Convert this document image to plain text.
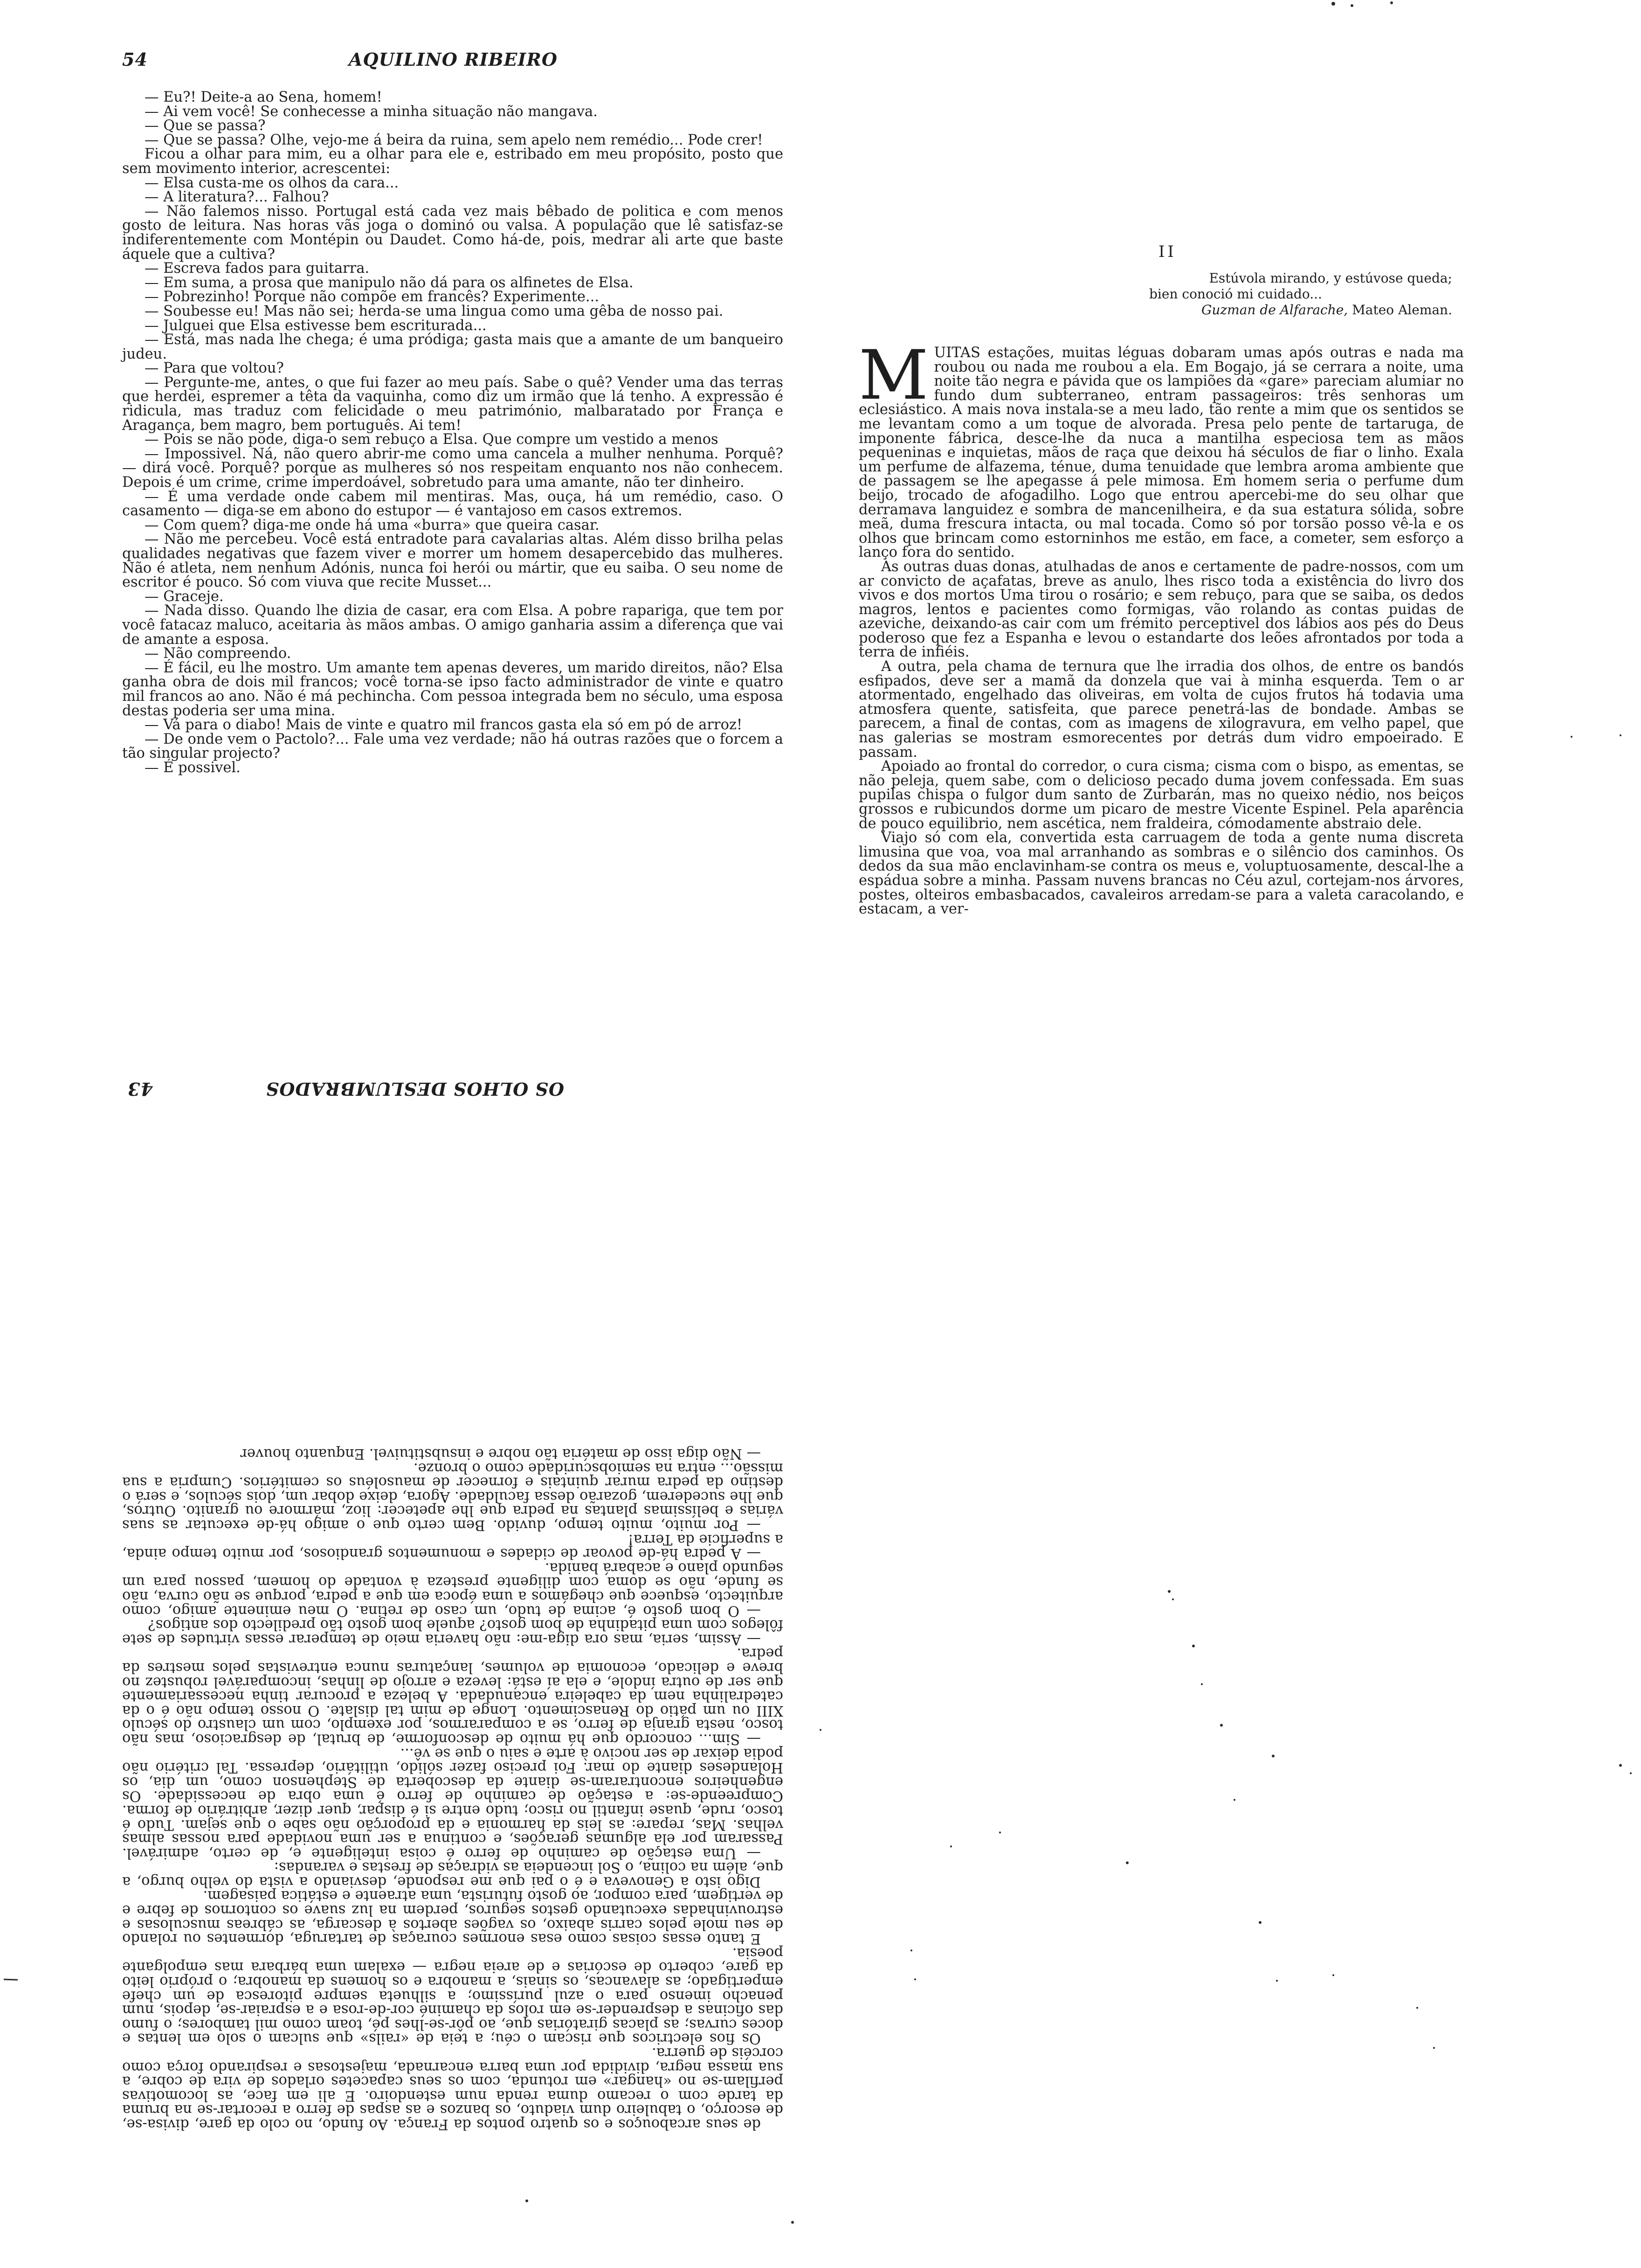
54	AQUILINO RIBEIRO

— Eu?! Deite-a ao Sena, homem!

— Ai vem você! Se conhecesse a minha situação não mangava.

— Que se passa?

— Que se passa? Olhe, vejo-me á beira da ruina, sem apelo nem remédio... Pode crer!

Ficou a olhar para mim, eu a olhar para ele e, estribado em meu propósito, posto que sem movimento interior, acrescentei:

— Elsa custa-me os olhos da cara...

— A literatura?... Falhou?

— Não falemos nisso. Portugal está cada vez mais bêbado de politica e com menos gosto de leitura. Nas horas vãs joga o dominó ou valsa. A população que lê satisfaz-se indiferentemente com Montépin ou Daudet. Como há-de, pois, medrar ali arte que baste áquele que a cultiva?

— Escreva fados para guitarra.

— Em suma, a prosa que manipulo não dá para os alfinetes de Elsa.

— Pobrezinho! Porque não compõe em francês? Experimente...

— Soubesse eu! Mas não sei; herda-se uma lingua como uma gêba de nosso pai.

— Julguei que Elsa estivesse bem escriturada...

— Está, mas nada lhe chega; é uma pródiga; gasta mais que a amante de um banqueiro judeu.

— Para que voltou?

— Pergunte-me, antes, o que fui fazer ao meu país. Sabe o quê? Vender uma das terras que herdei, espremer a têta da vaquinha, como diz um irmão que lá tenho. A expressão é ridicula, mas traduz com felicidade o meu património, malbaratado por França e Aragança, bem magro, bem português. Ai tem!

— Pois se não pode, diga-o sem rebuço a Elsa. Que compre um vestido a menos

— Impossivel. Ná, não quero abrir-me como uma cancela a mulher nenhuma. Porquê? — dirá você. Porquê? porque as mulheres só nos respeitam enquanto nos não conhecem. Depois é um crime, crime imperdoável, sobretudo para uma amante, não ter dinheiro.

— É uma verdade onde cabem mil mentiras. Mas, ouça, há um remédio, caso. O casamento — diga-se em abono do estupor — é vantajoso em casos extremos.

— Com quem? diga-me onde há uma «burra» que queira casar.

— Não me percebeu. Você está entradote para cavalarias altas. Além disso brilha pelas qualidades negativas que fazem viver e morrer um homem desapercebido das mulheres. Não é atleta, nem nenhum Adónis, nunca foi herói ou mártir, que eu saiba. O seu nome de escritor é pouco. Só com viuva que recite Musset...

— Graceje.

— Nada disso. Quando lhe dizia de casar, era com Elsa. A pobre rapariga, que tem por você fatacaz maluco, aceitaria às mãos ambas. O amigo ganharia assim a diferença que vai de amante a esposa.

— Não compreendo.

— É fácil, eu lhe mostro. Um amante tem apenas deveres, um marido direitos, não? Elsa ganha obra de dois mil francos; você torna-se ipso facto administrador de vinte e quatro mil francos ao ano. Não é má pechincha. Com pessoa integrada bem no século, uma esposa destas poderia ser uma mina.

— Vá para o diabo! Mais de vinte e quatro mil francos gasta ela só em pó de arroz!

— De onde vem o Pactolo?... Fale uma vez verdade; não há outras razões que o forcem a tão singular projecto?

— É possivel.

II
Estúvola mirando, y estúvose queda;
bien conoció mi cuidado...
Guzman de Alfarache, Mateo Aleman.
M UITAS estações, muitas léguas dobaram umas após outras e nada ma roubou ou nada me roubou a ela. Em Bogajo, já se cerrara a noite, uma noite tão negra e pávida que os lampiões da «gare» pareciam alumiar no fundo dum subterraneo, entram passageiros: três senhoras um eclesiástico. A mais nova instala-se a meu lado, tão rente a mim que os sentidos se me levantam como a um toque de alvorada. Presa pelo pente de tartaruga, de imponente fábrica, desce-lhe da nuca a mantilha especiosa tem as mãos pequeninas e inquietas, mãos de raça que deixou há séculos de fiar o linho. Exala um perfume de alfazema, ténue, duma tenuidade que lembra aroma ambiente que de passagem se lhe apegasse á pele mimosa. Em homem seria o perfume dum beijo, trocado de afogadilho. Logo que entrou apercebi-me do seu olhar que derramava languidez e sombra de mancenilheira, e da sua estatura sólida, sobre meã, duma frescura intacta, ou mal tocada. Como só por torsão posso vê-la e os olhos que brincam como estorninhos me estão, em face, a cometer, sem esforço a lanço fora do sentido.

As outras duas donas, atulhadas de anos e certamente de padre-nossos, com um ar convicto de açafatas, breve as anulo, lhes risco toda a existência do livro dos vivos e dos mortos Uma tirou o rosário; e sem rebuço, para que se saiba, os dedos magros, lentos e pacientes como formigas, vão rolando as contas puidas de azeviche, deixando-as cair com um frémito perceptivel dos lábios aos pés do Deus poderoso que fez a Espanha e levou o estandarte dos leões afrontados por toda a terra de infiéis.

A outra, pela chama de ternura que lhe irradia dos olhos, de entre os bandós esfipados, deve ser a mamã da donzela que vai à minha esquerda. Tem o ar atormentado, engelhado das oliveiras, em volta de cujos frutos há todavia uma atmosfera quente, satisfeita, que parece penetrá-las de bondade. Ambas se parecem, a final de contas, com as imagens de xilogravura, em velho papel, que nas galerias se mostram esmorecentes por detrás dum vidro empoeirado. E passam.

Apoiado ao frontal do corredor, o cura cisma; cisma com o bispo, as ementas, se não peleja, quem sabe, com o delicioso pecado duma jovem confessada. Em suas pupilas chispa o fulgor dum santo de Zurbarán, mas no queixo nédio, nos beiços grossos e rubicundos dorme um picaro de mestre Vicente Espinel. Pela aparência de pouco equilibrio, nem ascética, nem fraldeira, cómodamente abstraio dele.

Viajo só com ela, convertida esta carruagem de toda a gente numa discreta limusina que voa, voa mal arranhando as sombras e o silêncio dos caminhos. Os dedos da sua mão enclavinham-se contra os meus e, voluptuosamente, descal-lhe a espádua sobre a minha. Passam nuvens brancas no Céu azul, cortejam-nos árvores, postes, olteiros embasbacados, cavaleiros arredam-se para a valeta caracolando, e estacam, a ver-

de seus arcabouços e os quatro pontos da França. Ao fundo, no colo da gare, divisa-se, de escorço, o tabuleiro dum viaduto, os banzos e as aspas de ferro a recortar-se na bruma da tarde com o recamo duma renda num estendoiro. E ali em face, as locomotivas perfilam-se no «hangar» em rotunda, com os seus capacetes orlados de vira de cobre, a sua massa negra, dividida por uma barra encarnada, majestosas e respirando força como corcéis de guerra.

Os fios electricos que riscam o céu; a teia de «rails» que sulcam o solo em lentas e doces curvas; as placas giratórias que, ao pôr-se-lhes pé, toam como mil tambores; o fumo das oficinas a desprender-se em rolos da chaminé cor-de-rosa e a espraiar-se, depois, num penacho imenso para o azul puríssimo; a silhueta sempre pitoresca de um chefe empertigado; as alavancas, os sinais, a manobra e os homens da manobra; o próprio leito da gare, coberto de escórias e de areia negra — exalam uma bárbara mas empolgante poesia.

E tanto essas coisas como esas enormes couraças de tartaruga, dormentes ou rolando de seu mole pelos carris abaixo, os vagões abertos à descarga, as cábreas musculosas e estrouvinhadas executando gestos seguros, perdem na luz suave os contornos de febre e de vertigem, para compor, ao gosto futurista, uma atraente e estática paisagem.

Digo isto a Genoveva e é o pai que me responde, desviando a vista do velho burgo, a que, além na colina, o Sol incendeia as vidraças de frestas e varandas:

— Uma estação de caminho de ferro é coisa inteligente e, de certo, admirável. Passaram por ela algumas gerações, e continua a ser uma novidade para nossas almas velhas. Mas, repare: as leis da harmonia e da proporção não sabe o que sejam. Tudo é tosco, rude, quase infantil no risco; tudo entre si é dispar, quer dizer, arbitrário de forma. Compreende-se: a estação de caminho de ferro é uma obra de necessidade. Os engenheiros encontraram-se diante da descoberta de Stephenson como, um dia, os Holandeses diante do mar. Foi preciso fazer sólido, utilitário, depressa. Tal critério não podia deixar de ser nocivo à arte e saiu o que se vê...

— Sim... concordo que há muito de desconforme, de brutal, de desgracioso, mas não tosco, nesta granja de ferro, se a compararmos, por exemplo, com um claustro do século XIII ou um pátio do Renascimento. Longe de mim tal dislate. O nosso tempo não é o da catedralinha nem da cabeleira encanudada. A beleza a procurar tinha necessariamente que ser de outra índole, e ela aí está: leveza e arrojo de linhas, incomparável robustez no breve e delicado, economia de volumes, lançaturas nunca entrevistas pelos mestres da pedra.

— Assim, seria, mas ora diga-me: não haveria meio de temperar essas virtudes de sete fôlegos com uma pitadinha de bom gosto? aquele bom gosto tão predilecto dos antigos?

— O bom gosto é, acima de tudo, um caso de retina. O meu eminente amigo, como arquitecto, esquece que chegámos a uma época em que a pedra, porque se não curva, não se funde, não se doma com diligente presteza à vontade do homem, passou para um segundo plano e acabará banida.

— A pedra há-de povoar de cidades e monumentos grandiosos, por muito tempo ainda, a superficie da Terra!

— Por muito, muito tempo, duvido. Bem certo que o amigo há-de executar as suas várias e belíssimas plantas na pedra que lhe apetecer: lioz, mármore ou granito. Outros, que lhe sucederem, gozarão dessa faculdade. Agora, deixe dobar um, dois séculos, e será o destino da pedra murar quintais e fornecer de mausoléus os cemitérios. Cumpria a sua missão... entra na semiobscuridade como o bronze.

— Não diga isso de matéria tão nobre e insubstituivel. Enquanto houver

43	OS OLHOS DESLUMBRADOS
